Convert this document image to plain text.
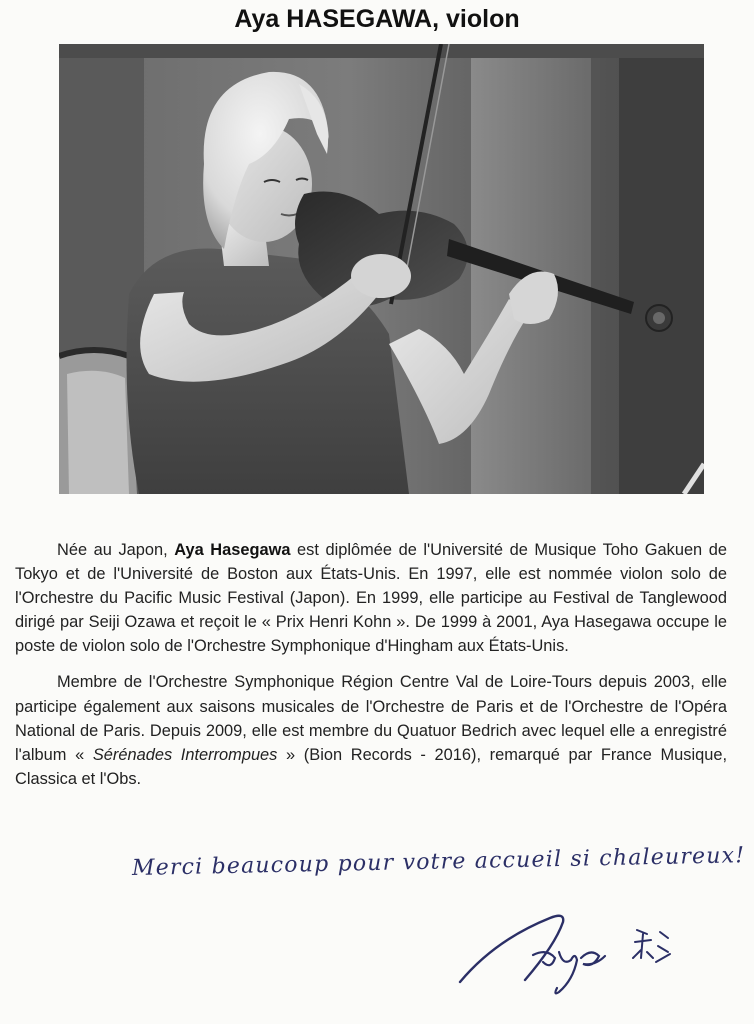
Aya HASEGAWA, violon

Née au Japon, Aya Hasegawa est diplômée de l'Université de Musique Toho Gakuen de Tokyo et de l'Université de Boston aux États-Unis. En 1997, elle est nommée violon solo de l'Orchestre du Pacific Music Festival (Japon). En 1999, elle participe au Festival de Tanglewood dirigé par Seiji Ozawa et reçoit le « Prix Henri Kohn ». De 1999 à 2001, Aya Hasegawa occupe le poste de violon solo de l'Orchestre Symphonique d'Hingham aux États-Unis.

Membre de l'Orchestre Symphonique Région Centre Val de Loire-Tours depuis 2003, elle participe également aux saisons musicales de l'Orchestre de Paris et de l'Orchestre de l'Opéra National de Paris. Depuis 2009, elle est membre du Quatuor Bedrich avec lequel elle a enregistré l'album « Sérénades Interrompues » (Bion Records - 2016), remarqué par France Musique, Classica et l'Obs.

Merci beaucoup pour votre accueil si chaleureux!
